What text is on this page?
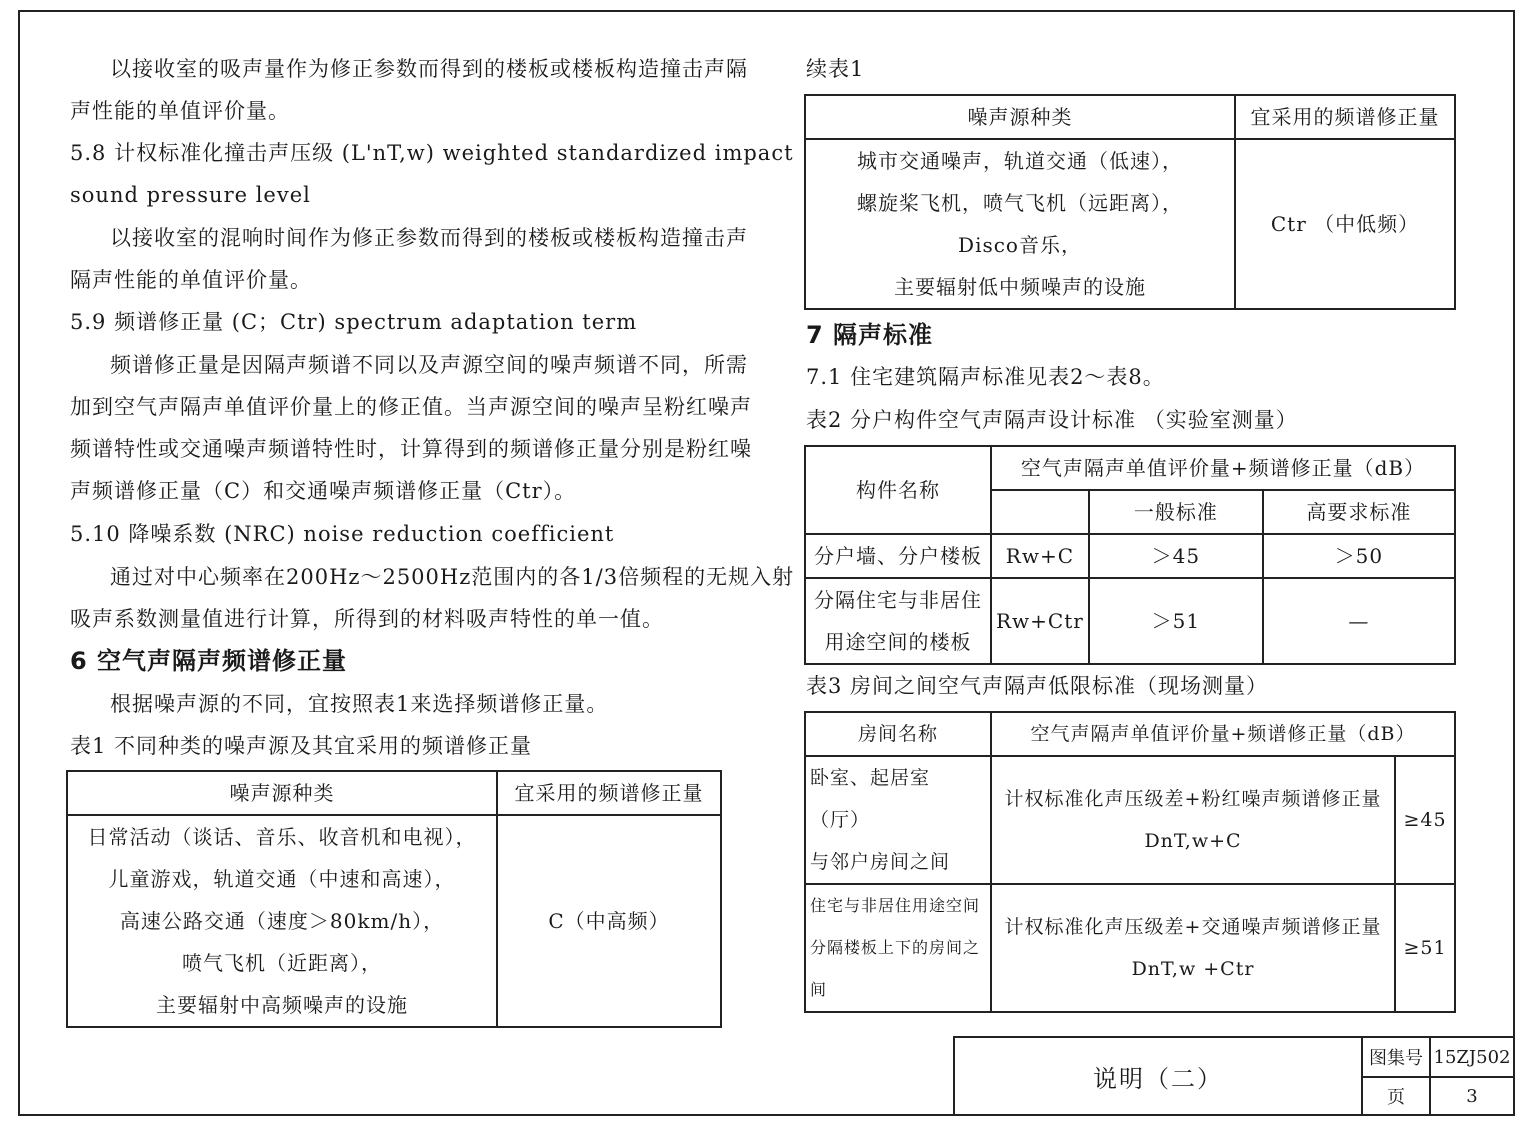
以接收室的吸声量作为修正参数而得到的楼板或楼板构造撞击声隔
声性能的单值评价量。
5.8 计权标准化撞击声压级 (L'nT,w) weighted standardized impact
sound pressure level
以接收室的混响时间作为修正参数而得到的楼板或楼板构造撞击声
隔声性能的单值评价量。
5.9 频谱修正量 (C；Ctr) spectrum adaptation term
频谱修正量是因隔声频谱不同以及声源空间的噪声频谱不同，所需
加到空气声隔声单值评价量上的修正值。当声源空间的噪声呈粉红噪声
频谱特性或交通噪声频谱特性时，计算得到的频谱修正量分别是粉红噪
声频谱修正量（C）和交通噪声频谱修正量（Ctr）。
5.10 降噪系数 (NRC) noise reduction coefficient
通过对中心频率在200Hz～2500Hz范围内的各1/3倍频程的无规入射
吸声系数测量值进行计算，所得到的材料吸声特性的单一值。
6 空气声隔声频谱修正量
根据噪声源的不同，宜按照表1来选择频谱修正量。
表1 不同种类的噪声源及其宜采用的频谱修正量
噪声源种类	宜采用的频谱修正量

日常活动（谈话、音乐、收音机和电视），
儿童游戏，轨道交通（中速和高速），
高速公路交通（速度＞80km/h），
喷气飞机（近距离），
主要辐射中高频噪声的设施	C（中高频）
续表1
噪声源种类	宜采用的频谱修正量

城市交通噪声，轨道交通（低速），
螺旋桨飞机，喷气飞机（远距离），
Disco音乐，
主要辐射低中频噪声的设施	Ctr （中低频）
7 隔声标准
7.1 住宅建筑隔声标准见表2～表8。
表2 分户构件空气声隔声设计标准 （实验室测量）
构件名称	空气声隔声单值评价量+频谱修正量（dB）		
		一般标准	高要求标准
分户墙、分户楼板	Rw+C	＞45	＞50

分隔住宅与非居住
用途空间的楼板	Rw+Ctr	＞51	—
表3 房间之间空气声隔声低限标准（现场测量）
房间名称	空气声隔声单值评价量+频谱修正量（dB）	

卧室、起居室（厅）
与邻户房间之间	计权标准化声压级差+粉红噪声频谱修正量
DnT,w+C	≥45

住宅与非居住用途空间
分隔楼板上下的房间之间	计权标准化声压级差+交通噪声频谱修正量
DnT,w +Ctr	≥51
说明（二）	图集号	15ZJ502
	页	3
